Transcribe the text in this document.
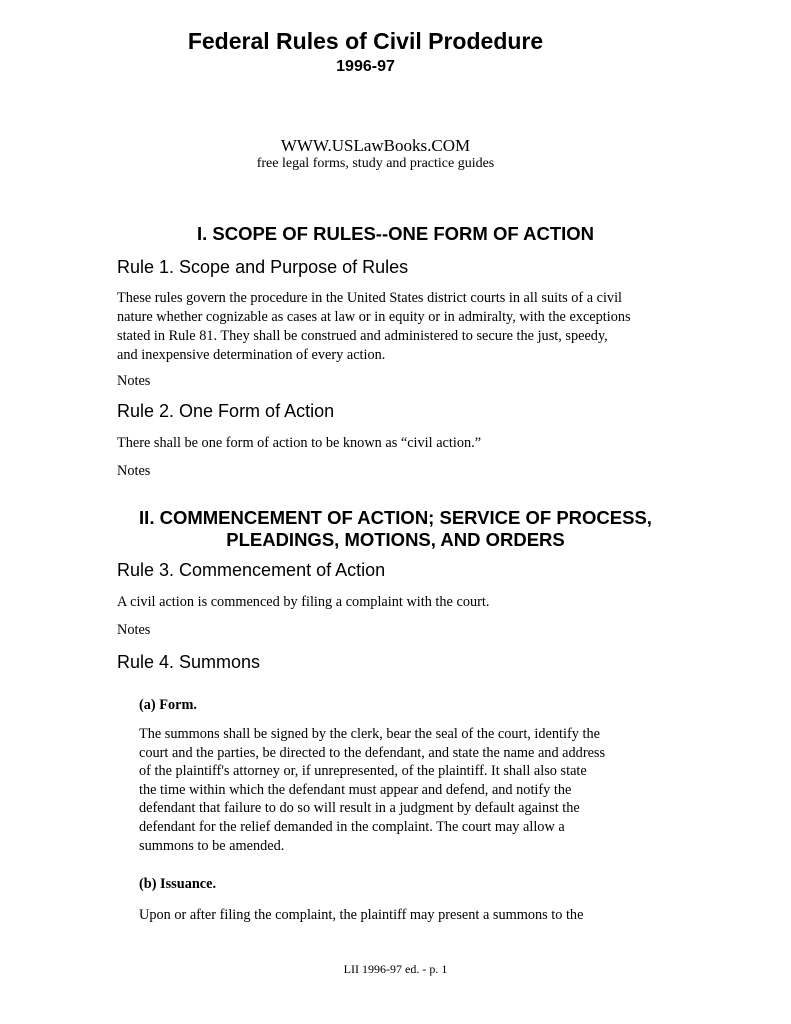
Federal Rules of Civil Prodedure
1996-97
WWW.USLawBooks.COM
free legal forms, study and practice guides
I. SCOPE OF RULES--ONE FORM OF ACTION
Rule 1. Scope and Purpose of Rules
These rules govern the procedure in the United States district courts in all suits of a civil
nature whether cognizable as cases at law or in equity or in admiralty, with the exceptions
stated in Rule 81. They shall be construed and administered to secure the just, speedy,
and inexpensive determination of every action.
Notes
Rule 2. One Form of Action
There shall be one form of action to be known as “civil action.”
Notes
II. COMMENCEMENT OF ACTION; SERVICE OF PROCESS,
PLEADINGS, MOTIONS, AND ORDERS
Rule 3. Commencement of Action
A civil action is commenced by filing a complaint with the court.
Notes
Rule 4. Summons
(a) Form.
The summons shall be signed by the clerk, bear the seal of the court, identify the
court and the parties, be directed to the defendant, and state the name and address
of the plaintiff's attorney or, if unrepresented, of the plaintiff. It shall also state
the time within which the defendant must appear and defend, and notify the
defendant that failure to do so will result in a judgment by default against the
defendant for the relief demanded in the complaint. The court may allow a
summons to be amended.
(b) Issuance.
Upon or after filing the complaint, the plaintiff may present a summons to the
LII 1996-97 ed. - p. 1
